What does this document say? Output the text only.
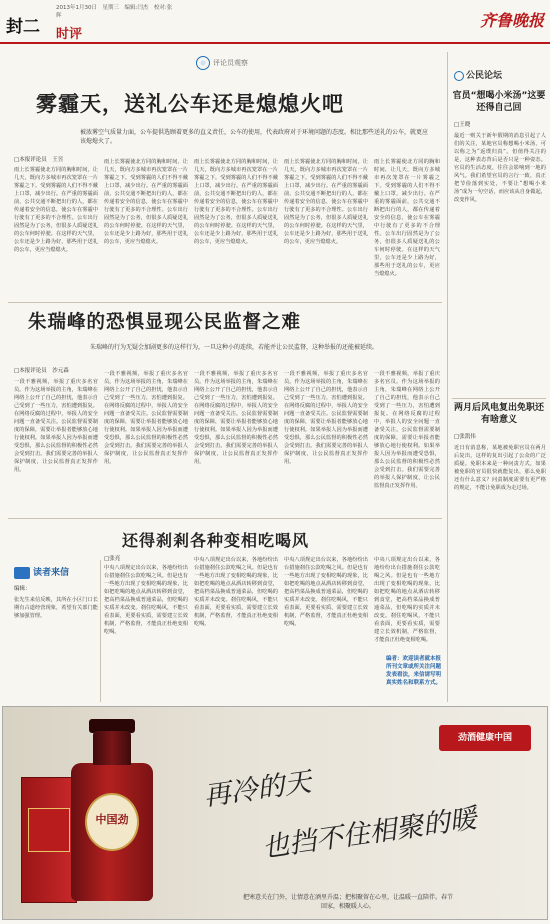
封二
2013年1月30日　星期三　编辑:闫杰　校对:张辉
时评
齐鲁晚报
评论员观察
雾霾天，送礼公车还是熄熄火吧
被浓雾空气质量力面，公车提供选顾着更多的直义责任，公车的使用，代表政府对于环境问题的态度。相比那些送礼的公车，就更应该熄熄火了。
□本报评论员　王昱
雨上长雾霾使北方同的胸和时间，让几天，既向方多城市再次笼罩在一片雾霾之下。受到雾霾的人们不得不戴上口罩，减少出行。在严重的雾霾面前，公共交通不断把出行的人，都在传递着安全的信息，使公车在雾霾中行驶有了更多的不合理性。公车出行固然是为了公务，但很多人质疑送礼的公车何时停驶。在这样的天气里，公车还是少上路为好，那些用于送礼的公车，更应当熄熄火。
雨上长雾霾使北方同的胸和时间，让几天，既向方多城市再次笼罩在一片雾霾之下。受到雾霾的人们不得不戴上口罩，减少出行。在严重的雾霾面前，公共交通不断把出行的人，都在传递着安全的信息，使公车在雾霾中行驶有了更多的不合理性。公车出行固然是为了公务，但很多人质疑送礼的公车何时停驶。在这样的天气里，公车还是少上路为好，那些用于送礼的公车，更应当熄熄火。
雨上长雾霾使北方同的胸和时间，让几天，既向方多城市再次笼罩在一片雾霾之下。受到雾霾的人们不得不戴上口罩，减少出行。在严重的雾霾面前，公共交通不断把出行的人，都在传递着安全的信息，使公车在雾霾中行驶有了更多的不合理性。公车出行固然是为了公务，但很多人质疑送礼的公车何时停驶。在这样的天气里，公车还是少上路为好，那些用于送礼的公车，更应当熄熄火。
雨上长雾霾使北方同的胸和时间，让几天，既向方多城市再次笼罩在一片雾霾之下。受到雾霾的人们不得不戴上口罩，减少出行。在严重的雾霾面前，公共交通不断把出行的人，都在传递着安全的信息，使公车在雾霾中行驶有了更多的不合理性。公车出行固然是为了公务，但很多人质疑送礼的公车何时停驶。在这样的天气里，公车还是少上路为好，那些用于送礼的公车，更应当熄熄火。
雨上长雾霾使北方同的胸和时间，让几天，既向方多城市再次笼罩在一片雾霾之下。受到雾霾的人们不得不戴上口罩，减少出行。在严重的雾霾面前，公共交通不断把出行的人，都在传递着安全的信息，使公车在雾霾中行驶有了更多的不合理性。公车出行固然是为了公务，但很多人质疑送礼的公车何时停驶。在这样的天气里，公车还是少上路为好，那些用于送礼的公车，更应当熄熄火。
朱瑞峰的恐惧显现公民监督之难
朱瑞峰的行为无疑会加剧更多的这样行为，一旦这种小的连续，若能并让公民监督，这种举报的还能被延续。
□本报评论员　沙元森
一段不雅视频，举报了重庆多名官员。作为这场举报的主角，朱瑞峰在网络上公开了自己的担忧，他表示自己受到了一些压力，害怕遭到报复。在网络反腐的过程中，举报人的安全问题一直备受关注。公民监督需要制度的保障，需要让举报者能够放心地行使权利。如果举报人因为举报而遭受恐惧，那么公民监督的积极性必然会受到打击。我们需要完善的举报人保护制度，让公民监督真正发挥作用。
一段不雅视频，举报了重庆多名官员。作为这场举报的主角，朱瑞峰在网络上公开了自己的担忧，他表示自己受到了一些压力，害怕遭到报复。在网络反腐的过程中，举报人的安全问题一直备受关注。公民监督需要制度的保障，需要让举报者能够放心地行使权利。如果举报人因为举报而遭受恐惧，那么公民监督的积极性必然会受到打击。我们需要完善的举报人保护制度，让公民监督真正发挥作用。
一段不雅视频，举报了重庆多名官员。作为这场举报的主角，朱瑞峰在网络上公开了自己的担忧，他表示自己受到了一些压力，害怕遭到报复。在网络反腐的过程中，举报人的安全问题一直备受关注。公民监督需要制度的保障，需要让举报者能够放心地行使权利。如果举报人因为举报而遭受恐惧，那么公民监督的积极性必然会受到打击。我们需要完善的举报人保护制度，让公民监督真正发挥作用。
一段不雅视频，举报了重庆多名官员。作为这场举报的主角，朱瑞峰在网络上公开了自己的担忧，他表示自己受到了一些压力，害怕遭到报复。在网络反腐的过程中，举报人的安全问题一直备受关注。公民监督需要制度的保障，需要让举报者能够放心地行使权利。如果举报人因为举报而遭受恐惧，那么公民监督的积极性必然会受到打击。我们需要完善的举报人保护制度，让公民监督真正发挥作用。
一段不雅视频，举报了重庆多名官员。作为这场举报的主角，朱瑞峰在网络上公开了自己的担忧，他表示自己受到了一些压力，害怕遭到报复。在网络反腐的过程中，举报人的安全问题一直备受关注。公民监督需要制度的保障，需要让举报者能够放心地行使权利。如果举报人因为举报而遭受恐惧，那么公民监督的积极性必然会受到打击。我们需要完善的举报人保护制度，让公民监督真正发挥作用。
还得刹剎各种变相吃喝风
□张亮
中央八项规定出台以来，各地纷纷出台措施刹住公款吃喝之风。但是也有一些地方出现了变相吃喝的现象，比如把吃喝的地点从酒店转移到食堂，把高档菜品换成普通菜品，但吃喝的实质并未改变。刹住吃喝风，不能只看表面，更要看实质，需要建立长效机制，严格监督，才能真正杜绝变相吃喝。
中央八项规定出台以来，各地纷纷出台措施刹住公款吃喝之风。但是也有一些地方出现了变相吃喝的现象，比如把吃喝的地点从酒店转移到食堂，把高档菜品换成普通菜品，但吃喝的实质并未改变。刹住吃喝风，不能只看表面，更要看实质，需要建立长效机制，严格监督，才能真正杜绝变相吃喝。
中央八项规定出台以来，各地纷纷出台措施刹住公款吃喝之风。但是也有一些地方出现了变相吃喝的现象，比如把吃喝的地点从酒店转移到食堂，把高档菜品换成普通菜品，但吃喝的实质并未改变。刹住吃喝风，不能只看表面，更要看实质，需要建立长效机制，严格监督，才能真正杜绝变相吃喝。
中央八项规定出台以来，各地纷纷出台措施刹住公款吃喝之风。但是也有一些地方出现了变相吃喝的现象，比如把吃喝的地点从酒店转移到食堂，把高档菜品换成普通菜品，但吃喝的实质并未改变。刹住吃喝风，不能只看表面，更要看实质，需要建立长效机制，严格监督，才能真正杜绝变相吃喝。
读者来信
编辑：
张先生来信反映，其所在小区门口长期有占道经营现象，希望有关部门能够加强管理。
编者：欢迎读者就本报所刊文章或所关注问题发表看法，来信请写明真实姓名和联系方式。
公民论坛
官员“想喝小米汤”这要还得自己回
□王晓
最近一则关于新年假期的消息引起了人们的关注，某地官员称想喝小米汤，可以称之为“返璞归真”。但值得关注的是，这种表态背后是否只是一种姿态。官员的生活态度，往往会影响到一地的风气。我们希望官员的言行一致，真正把节俭落到实处，不要让“想喝小米汤”成为一句空话，而应该从自身做起，改变作风。
两月后风电复出免职还有啥意义
□张凯伟
近日有消息称，某地被免职官员在两月后复出，这样的复出引起了公众的广泛质疑。免职本来是一种问责方式，如果被免职的官员很快就能复出，那么免职还有什么意义？问责制度需要有更严格的规定，不能让免职成为走过场。
中国劲
劲酒健康中国
再冷的天
也挡不住相聚的暖
把寒意关在门外，让情意在酒里升温；把相聚留在心里，让温暖一直陪伴。春节回家，相聚暖人心。
